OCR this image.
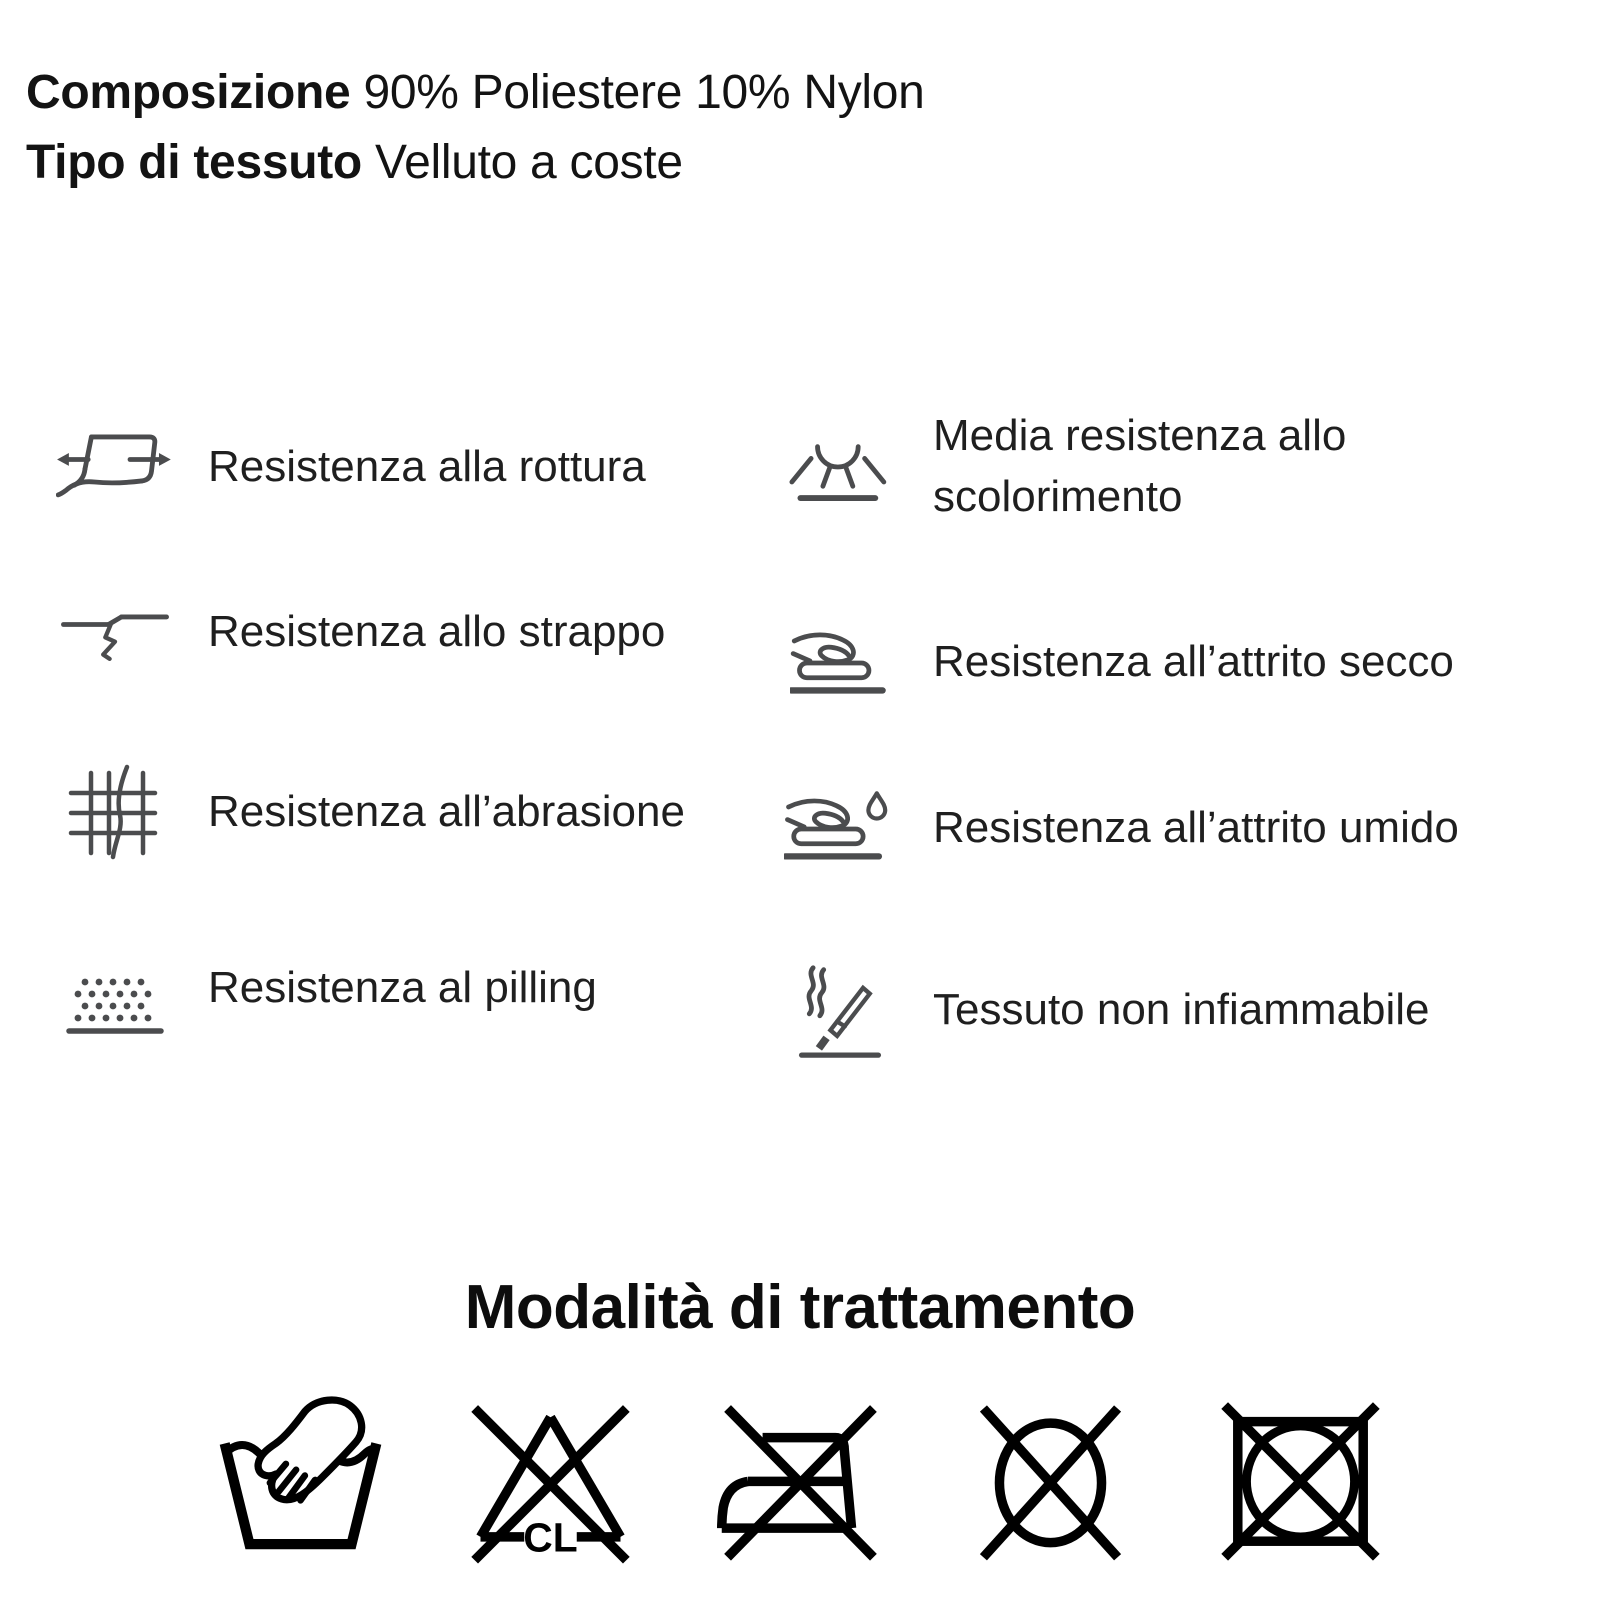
Composizione 90% Poliestere 10% Nylon
Tipo di tessuto Velluto a coste
Resistenza alla rottura
Resistenza allo strappo
Resistenza all’abrasione
Resistenza al pilling
Media resistenza allo scolorimento
Resistenza all’attrito secco
Resistenza all’attrito umido
Tessuto non infiammabile
Modalità di trattamento
CL
